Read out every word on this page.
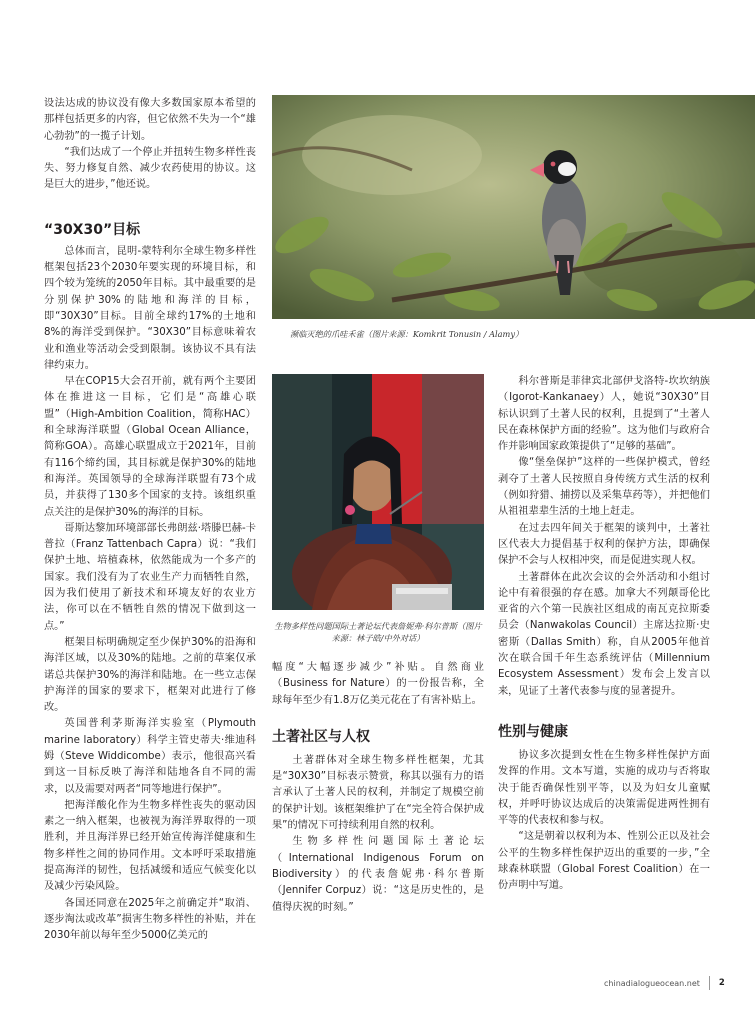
设法达成的协议没有像大多数国家原本希望的那样包括更多的内容，但它依然不失为一个“雄心勃勃”的一揽子计划。

“我们达成了一个停止并扭转生物多样性丧失、努力修复自然、减少农药使用的协议。这是巨大的进步，”他还说。

“30X30”目标

总体而言，昆明-蒙特利尔全球生物多样性框架包括23个2030年要实现的环境目标，和四个较为笼统的2050年目标。其中最重要的是分别保护30%的陆地和海洋的目标，即“30X30”目标。目前全球约17%的土地和8%的海洋受到保护。“30X30”目标意味着农业和渔业等活动会受到限制。该协议不具有法律约束力。

早在COP15大会召开前，就有两个主要团体在推进这一目标，它们是“高雄心联盟”（High-Ambition Coalition，简称HAC）和全球海洋联盟（Global Ocean Alliance，简称GOA）。高雄心联盟成立于2021年，目前有116个缔约国，其目标就是保护30%的陆地和海洋。英国领导的全球海洋联盟有73个成员，并获得了130多个国家的支持。该组织重点关注的是保护30%的海洋的目标。

哥斯达黎加环境部部长弗朗兹·塔滕巴赫-卡普拉（Franz Tattenbach Capra）说：“我们保护土地、培植森林，依然能成为一个多产的国家。我们没有为了农业生产力而牺牲自然，因为我们使用了新技术和环境友好的农业方法，你可以在不牺牲自然的情况下做到这一点。”

框架目标明确规定至少保护30%的沿海和海洋区域，以及30%的陆地。之前的草案仅承诺总共保护30%的海洋和陆地。在一些立志保护海洋的国家的要求下，框架对此进行了修改。

英国普利茅斯海洋实验室（Plymouth marine laboratory）科学主管史蒂夫·维迪科姆（Steve Widdicombe）表示，他很高兴看到这一目标反映了海洋和陆地各自不同的需求，以及需要对两者“同等地进行保护”。

把海洋酸化作为生物多样性丧失的驱动因素之一纳入框架，也被视为海洋界取得的一项胜利，并且海洋界已经开始宣传海洋健康和生物多样性之间的协同作用。文本呼吁采取措施提高海洋的韧性，包括减缓和适应气候变化以及减少污染风险。

各国还同意在2025年之前确定并“取消、逐步淘汰或改革”损害生物多样性的补贴，并在2030年前以每年至少5000亿美元的

濒临灭绝的爪哇禾雀（图片来源：Komkrit Tonusin / Alamy）
生物多样性问题国际土著论坛代表詹妮弗·科尔普斯（图片来源：林子皓/中外对话）

幅度“大幅逐步减少”补贴。自然商业（Business for Nature）的一份报告称，全球每年至少有1.8万亿美元花在了有害补贴上。

土著社区与人权

土著群体对全球生物多样性框架，尤其是“30X30”目标表示赞赏，称其以强有力的语言承认了土著人民的权利，并制定了规模空前的保护计划。该框架维护了在“完全符合保护成果”的情况下可持续利用自然的权利。

生物多样性问题国际土著论坛（International Indigenous Forum on Biodiversity）的代表詹妮弗·科尔普斯（Jennifer Corpuz）说：“这是历史性的，是值得庆祝的时刻。”

科尔普斯是菲律宾北部伊戈洛特-坎坎纳族（Igorot-Kankanaey）人，她说“30X30”目标认识到了土著人民的权利，且提到了“土著人民在森林保护方面的经验”。这为他们与政府合作并影响国家政策提供了“足够的基础”。

像“堡垒保护”这样的一些保护模式，曾经剥夺了土著人民按照自身传统方式生活的权利（例如狩猎、捕捞以及采集草药等），并把他们从祖祖辈辈生活的土地上赶走。

在过去四年间关于框架的谈判中，土著社区代表大力提倡基于权利的保护方法，即确保保护不会与人权相冲突，而是促进实现人权。

土著群体在此次会议的会外活动和小组讨论中有着很强的存在感。加拿大不列颠哥伦比亚省的六个第一民族社区组成的南瓦克拉斯委员会（Nanwakolas Council）主席达拉斯·史密斯（Dallas Smith）称，自从2005年他首次在联合国千年生态系统评估（Millennium Ecosystem Assessment）发布会上发言以来，见证了土著代表参与度的显著提升。

性别与健康

协议多次提到女性在生物多样性保护方面发挥的作用。文本写道，实施的成功与否将取决于能否确保性别平等，以及为妇女儿童赋权，并呼吁协议达成后的决策需促进两性拥有平等的代表权和参与权。

“这是朝着以权利为本、性别公正以及社会公平的生物多样性保护迈出的重要的一步，”全球森林联盟（Global Forest Coalition）在一份声明中写道。

chinadialogueocean.net 2
